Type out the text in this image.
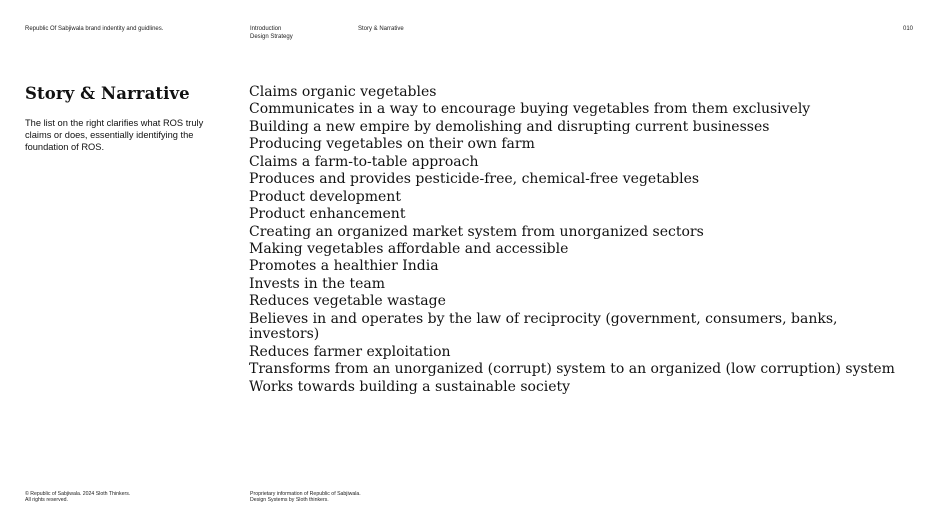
Republic Of Sabjiwala brand indentity and guidlines.	Introduction
Design Strategy
Story & Narrative	010
Story & Narrative

The list on the right clarifies what ROS truly claims or does, essentially identifying the foundation of ROS.

Claims organic vegetables
Communicates in a way to encourage buying vegetables from them exclusively
Building a new empire by demolishing and disrupting current businesses
Producing vegetables on their own farm
Claims a farm-to-table approach
Produces and provides pesticide-free, chemical-free vegetables
Product development
Product enhancement
Creating an organized market system from unorganized sectors
Making vegetables affordable and accessible
Promotes a healthier India
Invests in the team
Reduces vegetable wastage
Believes in and operates by the law of reciprocity (government, consumers, banks, investors)
Reduces farmer exploitation
Transforms from an unorganized (corrupt) system to an organized (low corruption) system
Works towards building a sustainable society
© Republic of Sabjiwala. 2024 Sloth Thinkers.
All rights reserved.
Proprietary information of Republic of Sabjiwala.
Design Systems by Sloth thinkers.
